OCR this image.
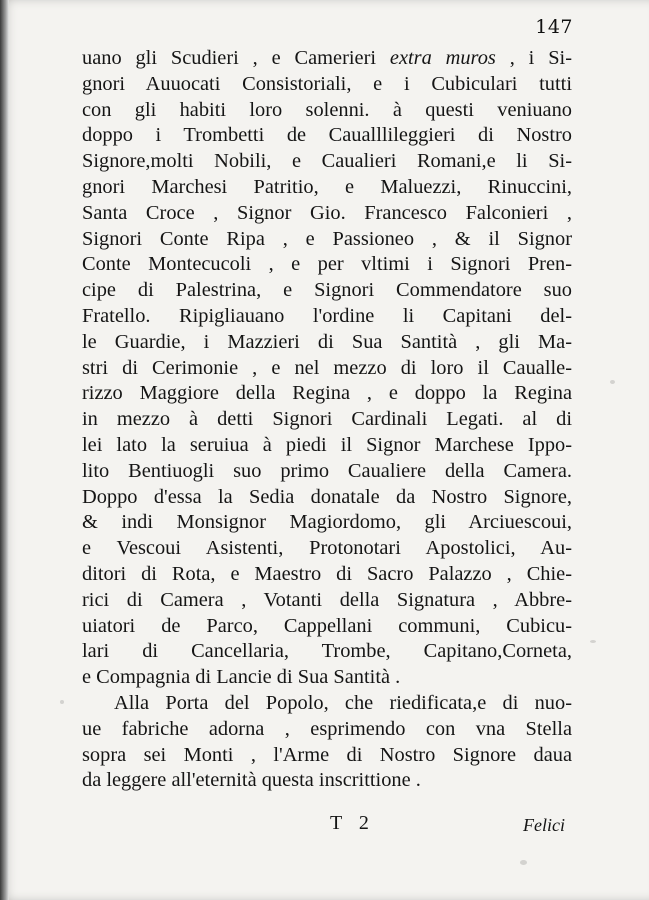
147
uano gli Scudieri , e Camerieri extra muros , i Si-
gnori Auuocati Consistoriali, e i Cubiculari tutti
con gli habiti loro solenni. à questi veniuano
doppo i Trombetti de Caualllileggieri di Nostro
Signore,molti Nobili, e Caualieri Romani,e li Si-
gnori Marchesi Patritio, e Maluezzi, Rinuccini,
Santa Croce , Signor Gio. Francesco Falconieri ,
Signori Conte Ripa , e Passioneo , & il Signor
Conte Montecucoli , e per vltimi i Signori Pren-
cipe di Palestrina, e Signori Commendatore suo
Fratello. Ripigliauano l'ordine li Capitani del-
le Guardie, i Mazzieri di Sua Santità , gli Ma-
stri di Cerimonie , e nel mezzo di loro il Caualle-
rizzo Maggiore della Regina , e doppo la Regina
in mezzo à detti Signori Cardinali Legati. al di
lei lato la seruiua à piedi il Signor Marchese Ippo-
lito Bentiuogli suo primo Caualiere della Camera.
Doppo d'essa la Sedia donatale da Nostro Signore,
& indi Monsignor Magiordomo, gli Arciuescoui,
e Vescoui Asistenti, Protonotari Apostolici, Au-
ditori di Rota, e Maestro di Sacro Palazzo , Chie-
rici di Camera , Votanti della Signatura , Abbre-
uiatori de Parco, Cappellani communi, Cubicu-
lari di Cancellaria, Trombe, Capitano,Corneta,
e Compagnia di Lancie di Sua Santità .
Alla Porta del Popolo, che riedificata,e di nuo-
ue fabriche adorna , esprimendo con vna Stella
sopra sei Monti , l'Arme di Nostro Signore daua
da leggere all'eternità questa inscrittione .
T 2	Felici
